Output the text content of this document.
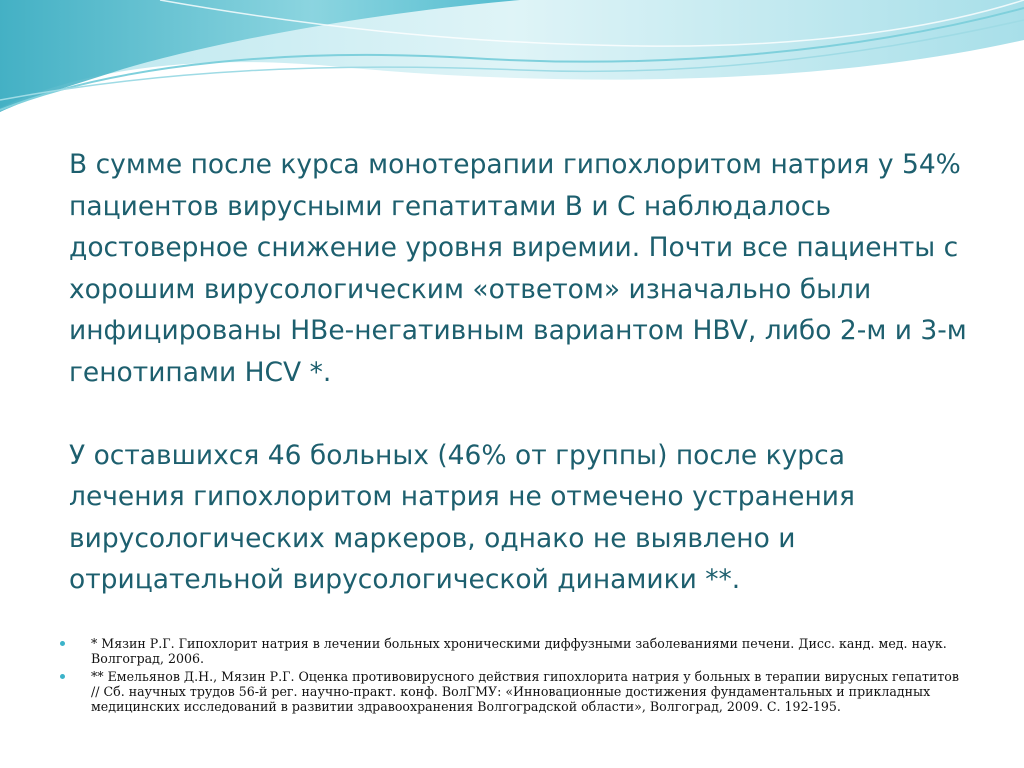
В сумме после курса монотерапии гипохлоритом натрия у 54% пациентов вирусными гепатитами В и С наблюдалось достоверное снижение уровня виремии. Почти все пациенты с хорошим вирусологическим «ответом» изначально были инфицированы HBe-негативным вариантом HBV, либо 2-м и 3-м генотипами HCV *.

У оставшихся 46 больных (46% от группы) после курса лечения гипохлоритом натрия не отмечено устранения вирусологических маркеров, однако не выявлено и отрицательной вирусологической динамики **.

* Мязин Р.Г. Гипохлорит натрия в лечении больных хроническими диффузными заболеваниями печени. Дисс. канд. мед. наук. Волгоград, 2006.
** Емельянов Д.Н., Мязин Р.Г. Оценка противовирусного действия гипохлорита натрия у больных в терапии вирусных гепатитов // Сб. научных трудов 56-й рег. научно-практ. конф. ВолГМУ: «Инновационные достижения фундаментальных и прикладных медицинских исследований в развитии здравоохранения Волгоградской области», Волгоград, 2009. С. 192-195.
